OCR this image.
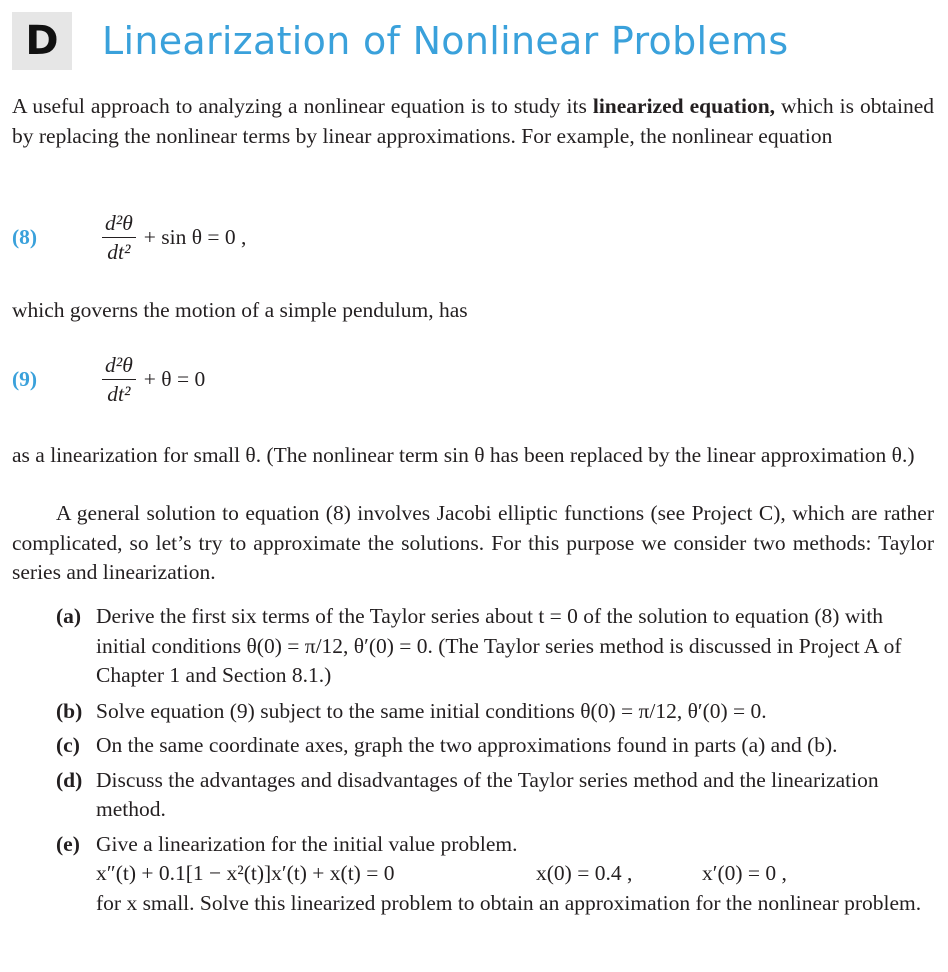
D	Linearization of Nonlinear Problems
A useful approach to analyzing a nonlinear equation is to study its linearized equation, which is obtained by replacing the nonlinear terms by linear approximations. For example, the nonlinear equation
(8)	$\frac{\text{d²θ}}{\text{dt²}} + \sin \theta = 0$ ,
which governs the motion of a simple pendulum, has
(9)	$\frac{\text{d²θ}}{\text{dt²}} + \theta = 0$
as a linearization for small θ. (The nonlinear term sin θ has been replaced by the linear approximation θ.)
A general solution to equation (8) involves Jacobi elliptic functions (see Project C), which are rather complicated, so let’s try to approximate the solutions. For this purpose we consider two methods: Taylor series and linearization.
(a) Derive the first six terms of the Taylor series about t = 0 of the solution to equation (8) with initial conditions θ(0) = π/12, θ′(0) = 0. (The Taylor series method is discussed in Project A of Chapter 1 and Section 8.1.)
(b) Solve equation (9) subject to the same initial conditions θ(0) = π/12, θ′(0) = 0.
(c) On the same coordinate axes, graph the two approximations found in parts (a) and (b).
(d) Discuss the advantages and disadvantages of the Taylor series method and the linearization method.
(e) Give a linearization for the initial value problem.
x″(t) + 0.1[1 − x²(t)]x′(t) + x(t) = 0	x(0) = 0.4 ,	x′(0) = 0 ,
for x small. Solve this linearized problem to obtain an approximation for the nonlinear problem.
